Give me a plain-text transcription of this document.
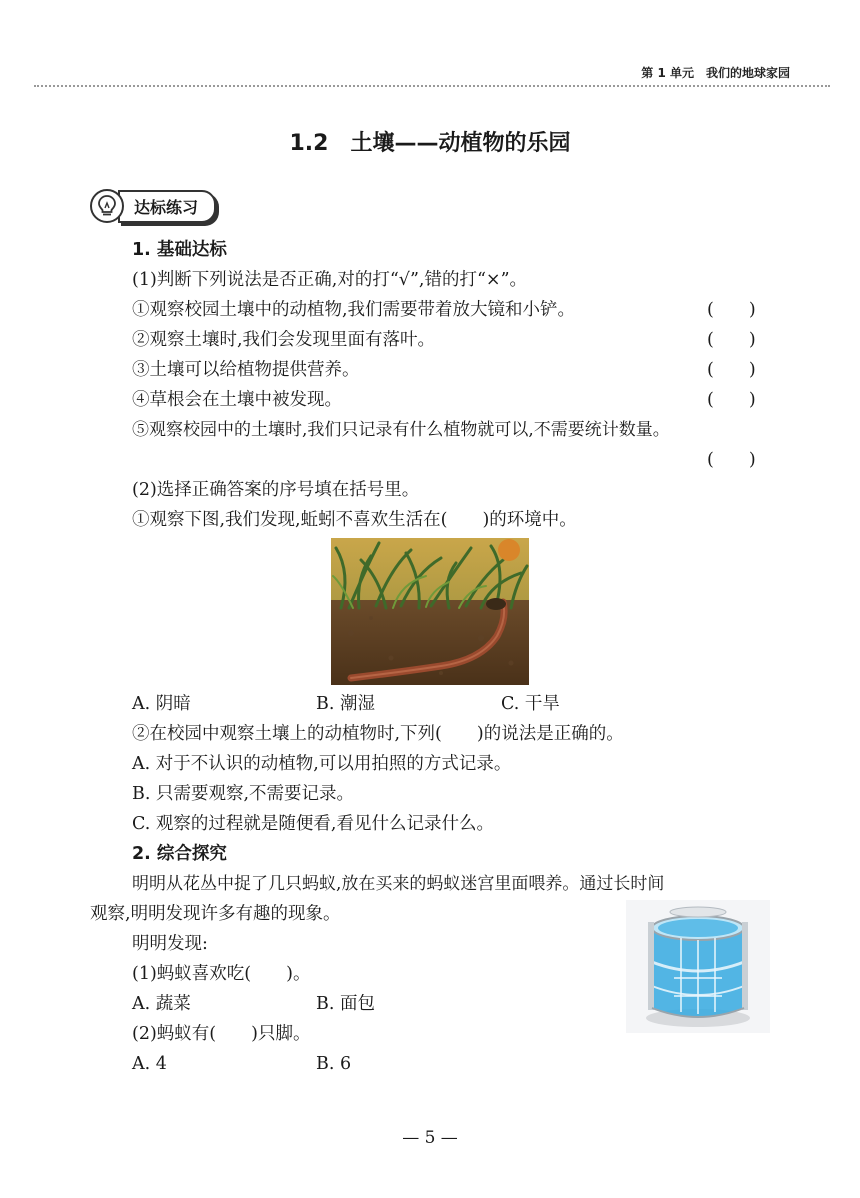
第 1 单元　我们的地球家园
1.2 土壤——动植物的乐园
达标练习
1. 基础达标
(1)判断下列说法是否正确,对的打“√”,错的打“×”。
①观察校园土壤中的动植物,我们需要带着放大镜和小铲。	(　　)
②观察土壤时,我们会发现里面有落叶。	(　　)
③土壤可以给植物提供营养。	(　　)
④草根会在土壤中被发现。	(　　)
⑤观察校园中的土壤时,我们只记录有什么植物就可以,不需要统计数量。
(　　)
(2)选择正确答案的序号填在括号里。
①观察下图,我们发现,蚯蚓不喜欢生活在(　　)的环境中。
A. 阴暗	B. 潮湿	C. 干旱
②在校园中观察土壤上的动植物时,下列(　　)的说法是正确的。
A. 对于不认识的动植物,可以用拍照的方式记录。
B. 只需要观察,不需要记录。
C. 观察的过程就是随便看,看见什么记录什么。
2. 综合探究
明明从花丛中捉了几只蚂蚁,放在买来的蚂蚁迷宫里面喂养。通过长时间
观察,明明发现许多有趣的现象。
明明发现:
(1)蚂蚁喜欢吃(　　)。
A. 蔬菜	B. 面包
(2)蚂蚁有(　　)只脚。
A. 4	B. 6
— 5 —
